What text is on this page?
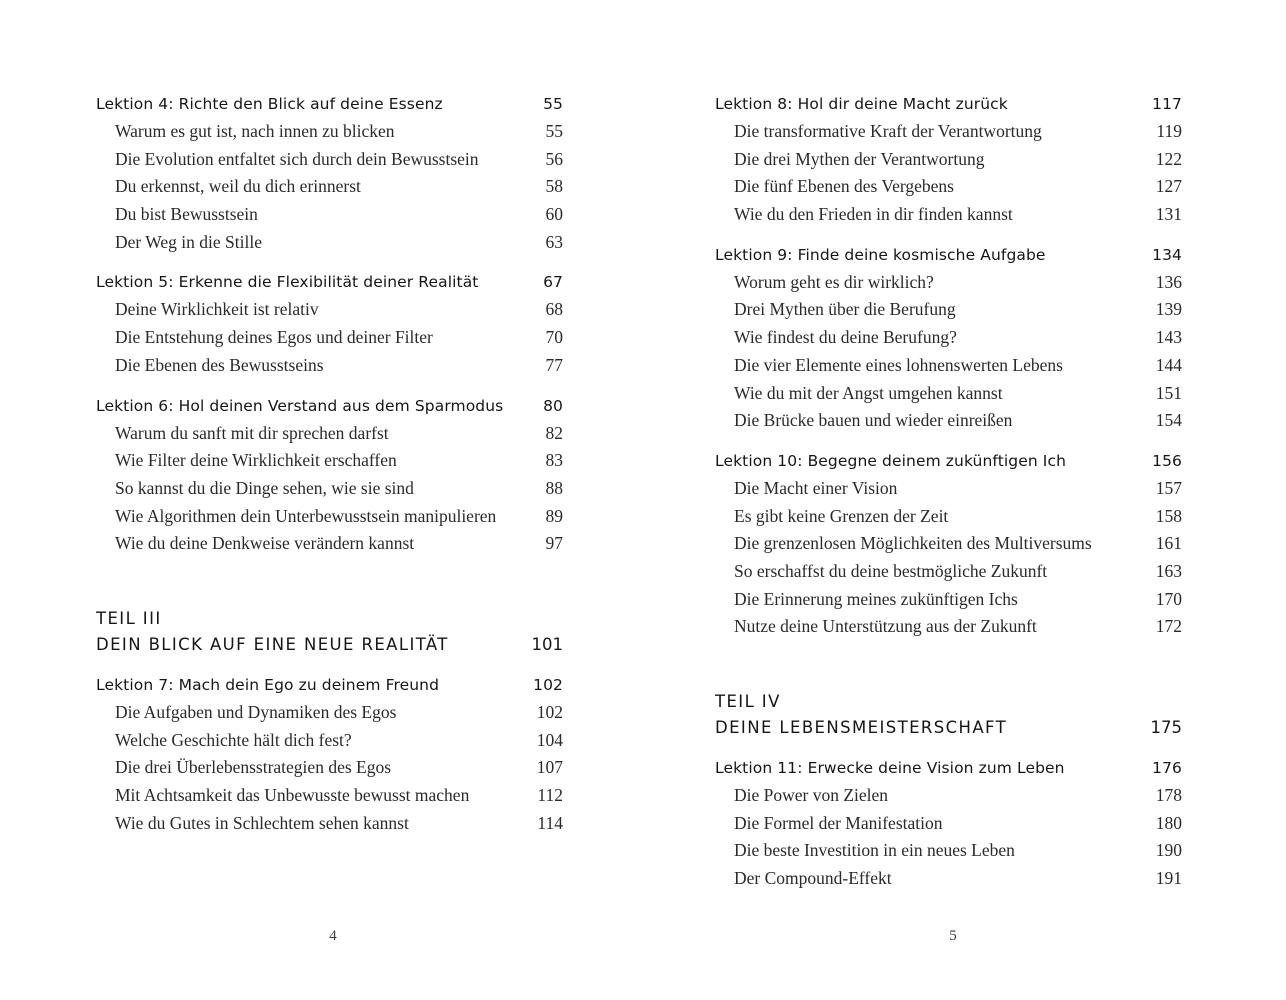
Lektion 4: Richte den Blick auf deine Essenz	55
Warum es gut ist, nach innen zu blicken	55
Die Evolution entfaltet sich durch dein Bewusstsein	56
Du erkennst, weil du dich erinnerst	58
Du bist Bewusstsein	60
Der Weg in die Stille	63
Lektion 5: Erkenne die Flexibilität deiner Realität	67
Deine Wirklichkeit ist relativ	68
Die Entstehung deines Egos und deiner Filter	70
Die Ebenen des Bewusstseins	77
Lektion 6: Hol deinen Verstand aus dem Sparmodus	80
Warum du sanft mit dir sprechen darfst	82
Wie Filter deine Wirklichkeit erschaffen	83
So kannst du die Dinge sehen, wie sie sind	88
Wie Algorithmen dein Unterbewusstsein manipulieren	89
Wie du deine Denkweise verändern kannst	97
TEIL III
DEIN BLICK AUF EINE NEUE REALITÄT	101
Lektion 7: Mach dein Ego zu deinem Freund	102
Die Aufgaben und Dynamiken des Egos	102
Welche Geschichte hält dich fest?	104
Die drei Überlebensstrategien des Egos	107
Mit Achtsamkeit das Unbewusste bewusst machen	112
Wie du Gutes in Schlechtem sehen kannst	114
4
Lektion 8: Hol dir deine Macht zurück	117
Die transformative Kraft der Verantwortung	119
Die drei Mythen der Verantwortung	122
Die fünf Ebenen des Vergebens	127
Wie du den Frieden in dir finden kannst	131
Lektion 9: Finde deine kosmische Aufgabe	134
Worum geht es dir wirklich?	136
Drei Mythen über die Berufung	139
Wie findest du deine Berufung?	143
Die vier Elemente eines lohnenswerten Lebens	144
Wie du mit der Angst umgehen kannst	151
Die Brücke bauen und wieder einreißen	154
Lektion 10: Begegne deinem zukünftigen Ich	156
Die Macht einer Vision	157
Es gibt keine Grenzen der Zeit	158
Die grenzenlosen Möglichkeiten des Multiversums	161
So erschaffst du deine bestmögliche Zukunft	163
Die Erinnerung meines zukünftigen Ichs	170
Nutze deine Unterstützung aus der Zukunft	172
TEIL IV
DEINE LEBENSMEISTERSCHAFT	175
Lektion 11: Erwecke deine Vision zum Leben	176
Die Power von Zielen	178
Die Formel der Manifestation	180
Die beste Investition in ein neues Leben	190
Der Compound-Effekt	191
5
